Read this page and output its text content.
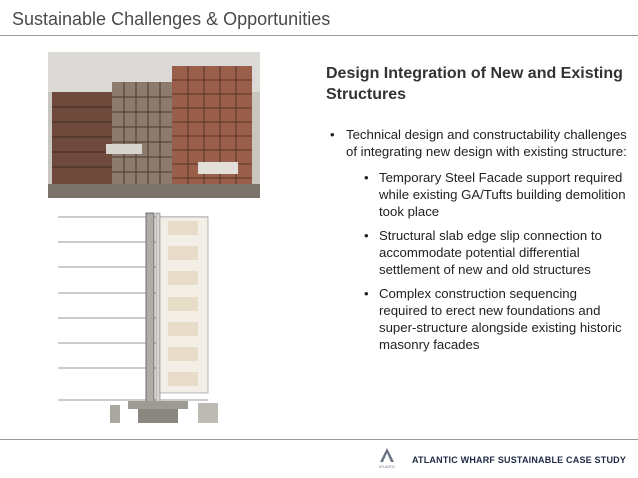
Sustainable Challenges & Opportunities
Design Integration of New and Existing Structures
• Technical design and constructability challenges of integrating new design with existing structure:
• Temporary Steel Facade support required while existing GA/Tufts building demolition took place
• Structural slab edge slip connection to accommodate potential differential settlement of new and old structures
• Complex construction sequencing required to erect new foundations and super-structure alongside existing historic masonry facades
ATLANTIC
ATLANTIC WHARF SUSTAINABLE CASE STUDY
